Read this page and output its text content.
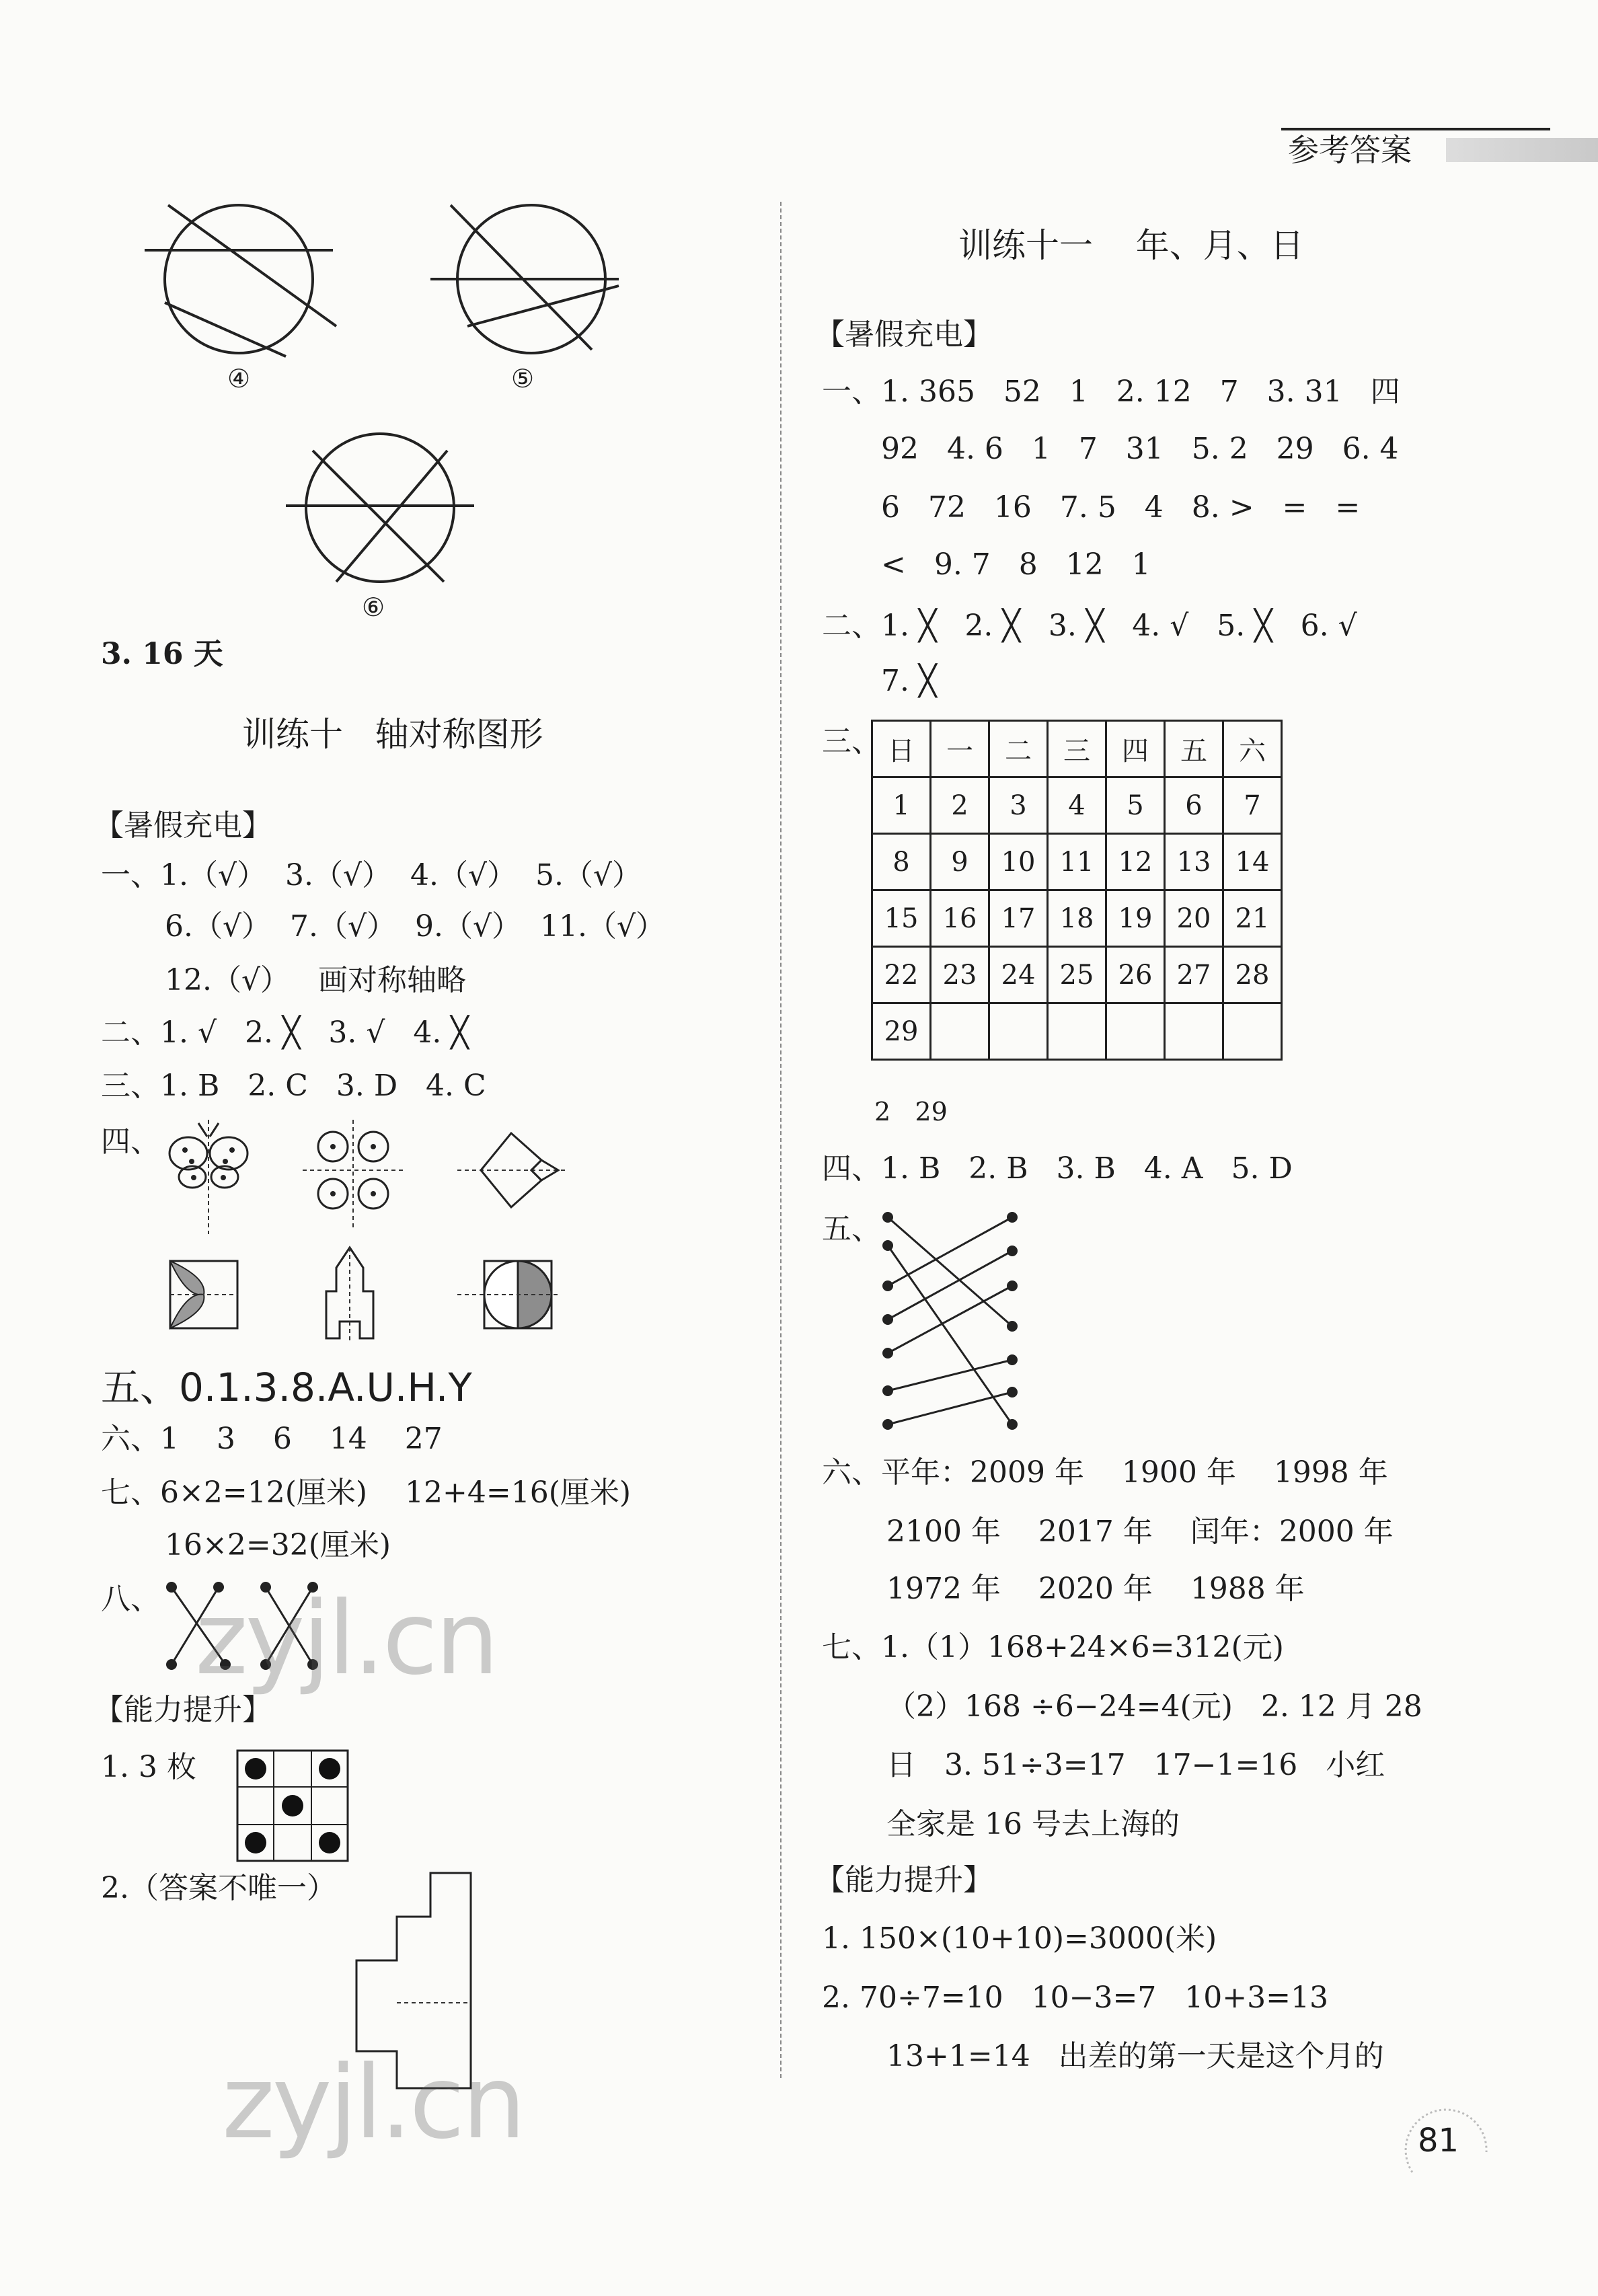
参考答案
④	⑤
⑥
3. 16 天
训练十   轴对称图形
【暑假充电】
一、1.（√）  3.（√）  4.（√）  5.（√）
6.（√）  7.（√）  9.（√）  11.（√）
12.（√）   画对称轴略
二、1. √   2. ╳   3. √   4. ╳
三、1. B   2. C   3. D   4. C
四、
五、0.1.3.8.A.U.H.Y
六、1    3    6    14    27
七、6×2=12(厘米)    12+4=16(厘米)
16×2=32(厘米)
八、
【能力提升】
1. 3 枚
2.（答案不唯一）
训练十一    年、月、日
【暑假充电】
一、1. 365   52   1   2. 12   7   3. 31   四
92   4. 6   1   7   31   5. 2   29   6. 4
6   72   16   7. 5   4   8. >   =   =
<   9. 7   8   12   1
二、1. ╳   2. ╳   3. ╳   4. √   5. ╳   6. √
7. ╳
三、 日	一	二	三	四	五	六
1	2	3	4	5	6	7
8	9	10	11	12	13	14
15	16	17	18	19	20	21
22	23	24	25	26	27	28
29						
2   29
四、1. B   2. B   3. B   4. A   5. D
五、
六、平年：2009 年    1900 年    1998 年
2100 年    2017 年    闰年：2000 年
1972 年    2020 年    1988 年
七、1.（1）168+24×6=312(元)
（2）168 ÷6−24=4(元)   2. 12 月 28
日   3. 51÷3=17   17−1=16   小红
全家是 16 号去上海的
【能力提升】
1. 150×(10+10)=3000(米)
2. 70÷7=10   10−3=7   10+3=13
13+1=14   出差的第一天是这个月的
81
zyjl.cn
zyjl.cn
